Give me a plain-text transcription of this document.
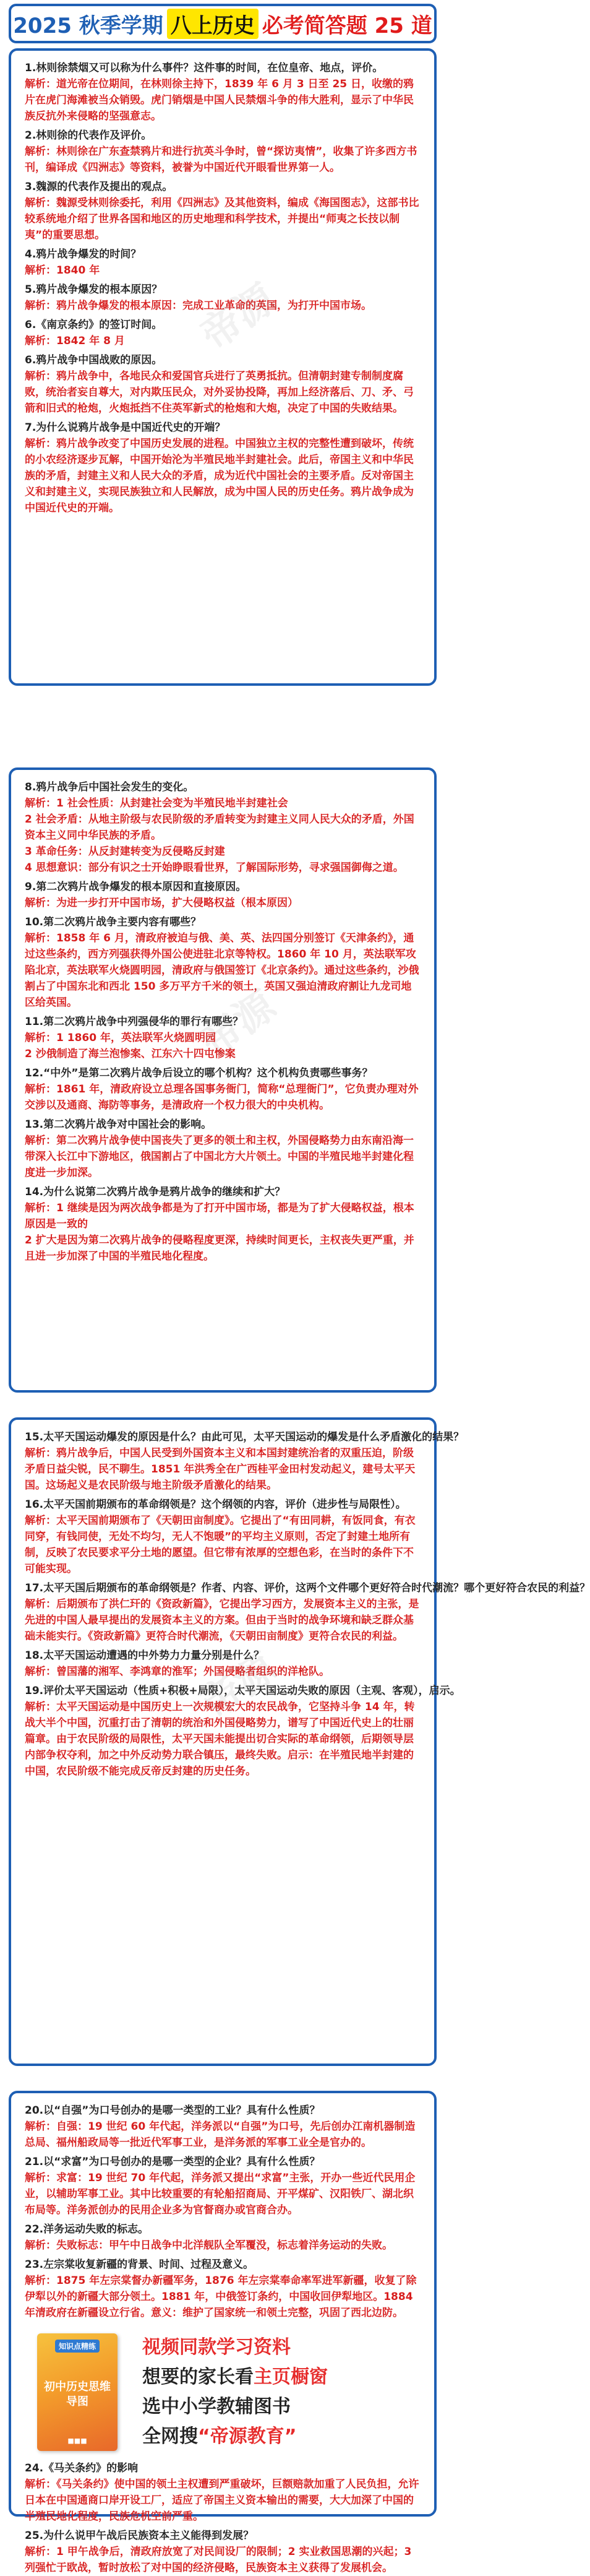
2025 秋季学期 八上历史 必考简答题 25 道
帝源
1.林则徐禁烟又可以称为什么事件？这件事的时间，在位皇帝、地点，评价。
解析：道光帝在位期间，在林则徐主持下，1839 年 6 月 3 日至 25 日，收缴的鸦片在虎门海滩被当众销毁。虎门销烟是中国人民禁烟斗争的伟大胜利，显示了中华民族反抗外来侵略的坚强意志。
2.林则徐的代表作及评价。
解析：林则徐在广东查禁鸦片和进行抗英斗争时，曾“探访夷情”，收集了许多西方书刊，编译成《四洲志》等资料，被誉为中国近代开眼看世界第一人。
3.魏源的代表作及提出的观点。
解析：魏源受林则徐委托，利用《四洲志》及其他资料，编成《海国图志》，这部书比较系统地介绍了世界各国和地区的历史地理和科学技术，并提出“师夷之长技以制夷”的重要思想。
4.鸦片战争爆发的时间？
解析：1840 年
5.鸦片战争爆发的根本原因？
解析：鸦片战争爆发的根本原因：完成工业革命的英国，为打开中国市场。
6.《南京条约》的签订时间。
解析：1842 年 8 月
6.鸦片战争中国战败的原因。
解析：鸦片战争中，各地民众和爱国官兵进行了英勇抵抗。但清朝封建专制制度腐败，统治者妄自尊大，对内欺压民众，对外妥协投降，再加上经济落后、刀、矛、弓箭和旧式的枪炮，火炮抵挡不住英军新式的枪炮和大炮，决定了中国的失败结果。
7.为什么说鸦片战争是中国近代史的开端？
解析：鸦片战争改变了中国历史发展的进程。中国独立主权的完整性遭到破坏，传统的小农经济逐步瓦解，中国开始沦为半殖民地半封建社会。此后，帝国主义和中华民族的矛盾，封建主义和人民大众的矛盾，成为近代中国社会的主要矛盾。反对帝国主义和封建主义，实现民族独立和人民解放，成为中国人民的历史任务。鸦片战争成为中国近代史的开端。
帝源
8.鸦片战争后中国社会发生的变化。
解析：1 社会性质：从封建社会变为半殖民地半封建社会
2 社会矛盾：从地主阶级与农民阶级的矛盾转变为封建主义同人民大众的矛盾，外国资本主义同中华民族的矛盾。
3 革命任务：从反封建转变为反侵略反封建
4 思想意识：部分有识之士开始睁眼看世界，了解国际形势，寻求强国御侮之道。
9.第二次鸦片战争爆发的根本原因和直接原因。
解析：为进一步打开中国市场，扩大侵略权益（根本原因）
10.第二次鸦片战争主要内容有哪些？
解析：1858 年 6 月，清政府被迫与俄、美、英、法四国分别签订《天津条约》，通过这些条约，西方列强获得外国公使进驻北京等特权。1860 年 10 月，英法联军攻陷北京，英法联军火烧圆明园，清政府与俄国签订《北京条约》。通过这些条约，沙俄割占了中国东北和西北 150 多万平方千米的领土，英国又强迫清政府割让九龙司地区给英国。
11.第二次鸦片战争中列强侵华的罪行有哪些？
解析：1 1860 年，英法联军火烧圆明园
2 沙俄制造了海兰泡惨案、江东六十四屯惨案
12.“中外”是第二次鸦片战争后设立的哪个机构？这个机构负责哪些事务？
解析：1861 年，清政府设立总理各国事务衙门，简称“总理衙门”，它负责办理对外交涉以及通商、海防等事务，是清政府一个权力很大的中央机构。
13.第二次鸦片战争对中国社会的影响。
解析：第二次鸦片战争使中国丧失了更多的领土和主权，外国侵略势力由东南沿海一带深入长江中下游地区，俄国割占了中国北方大片领土。中国的半殖民地半封建化程度进一步加深。
14.为什么说第二次鸦片战争是鸦片战争的继续和扩大？
解析：1 继续是因为两次战争都是为了打开中国市场，都是为了扩大侵略权益，根本原因是一致的
2 扩大是因为第二次鸦片战争的侵略程度更深，持续时间更长，主权丧失更严重，并且进一步加深了中国的半殖民地化程度。
帝源
15.太平天国运动爆发的原因是什么？由此可见，太平天国运动的爆发是什么矛盾激化的结果？
解析：鸦片战争后，中国人民受到外国资本主义和本国封建统治者的双重压迫，阶级矛盾日益尖锐，民不聊生。1851 年洪秀全在广西桂平金田村发动起义，建号太平天国。这场起义是农民阶级与地主阶级矛盾激化的结果。
16.太平天国前期颁布的革命纲领是？这个纲领的内容，评价（进步性与局限性）。
解析：太平天国前期颁布了《天朝田亩制度》。它提出了“有田同耕，有饭同食，有衣同穿，有钱同使，无处不均匀，无人不饱暖”的平均主义原则，否定了封建土地所有制，反映了农民要求平分土地的愿望。但它带有浓厚的空想色彩，在当时的条件下不可能实现。
17.太平天国后期颁布的革命纲领是？作者、内容、评价，这两个文件哪个更好符合时代潮流？哪个更好符合农民的利益？
解析：后期颁布了洪仁玕的《资政新篇》，它提出学习西方，发展资本主义的主张，是先进的中国人最早提出的发展资本主义的方案。但由于当时的战争环境和缺乏群众基础未能实行。《资政新篇》更符合时代潮流，《天朝田亩制度》更符合农民的利益。
18.太平天国运动遭遇的中外势力力量分别是什么？
解析：曾国藩的湘军、李鸿章的淮军；外国侵略者组织的洋枪队。
19.评价太平天国运动（性质+积极+局限），太平天国运动失败的原因（主观、客观），启示。
解析：太平天国运动是中国历史上一次规模宏大的农民战争，它坚持斗争 14 年，转战大半个中国，沉重打击了清朝的统治和外国侵略势力，谱写了中国近代史上的壮丽篇章。由于农民阶级的局限性，太平天国未能提出切合实际的革命纲领，后期领导层内部争权夺利，加之中外反动势力联合镇压，最终失败。启示：在半殖民地半封建的中国，农民阶级不能完成反帝反封建的历史任务。
20.以“自强”为口号创办的是哪一类型的工业？具有什么性质？
解析：自强：19 世纪 60 年代起，洋务派以“自强”为口号，先后创办江南机器制造总局、福州船政局等一批近代军事工业，是洋务派的军事工业全是官办的。
21.以“求富”为口号创办的是哪一类型的企业？具有什么性质？
解析：求富：19 世纪 70 年代起，洋务派又提出“求富”主张，开办一些近代民用企业，以辅助军事工业。其中比较重要的有轮船招商局、开平煤矿、汉阳铁厂、湖北织布局等。洋务派创办的民用企业多为官督商办或官商合办。
22.洋务运动失败的标志。
解析：失败标志：甲午中日战争中北洋舰队全军覆没，标志着洋务运动的失败。
23.左宗棠收复新疆的背景、时间、过程及意义。
解析：1875 年左宗棠督办新疆军务，1876 年左宗棠奉命率军进军新疆，收复了除伊犁以外的新疆大部分领土。1881 年，中俄签订条约，中国收回伊犁地区。1884 年清政府在新疆设立行省。意义：维护了国家统一和领土完整，巩固了西北边防。
知识点精练
初中历史思维导图
■■■
视频同款学习资料
想要的家长看主页橱窗
选中小学教辅图书
全网搜“帝源教育”
24.《马关条约》的影响
解析：《马关条约》使中国的领土主权遭到严重破坏，巨额赔款加重了人民负担，允许日本在中国通商口岸开设工厂，适应了帝国主义资本输出的需要，大大加深了中国的半殖民地化程度，民族危机空前严重。
25.为什么说甲午战后民族资本主义能得到发展？
解析：1 甲午战争后，清政府放宽了对民间设厂的限制；2 实业救国思潮的兴起；3 列强忙于欧战，暂时放松了对中国的经济侵略，民族资本主义获得了发展机会。
